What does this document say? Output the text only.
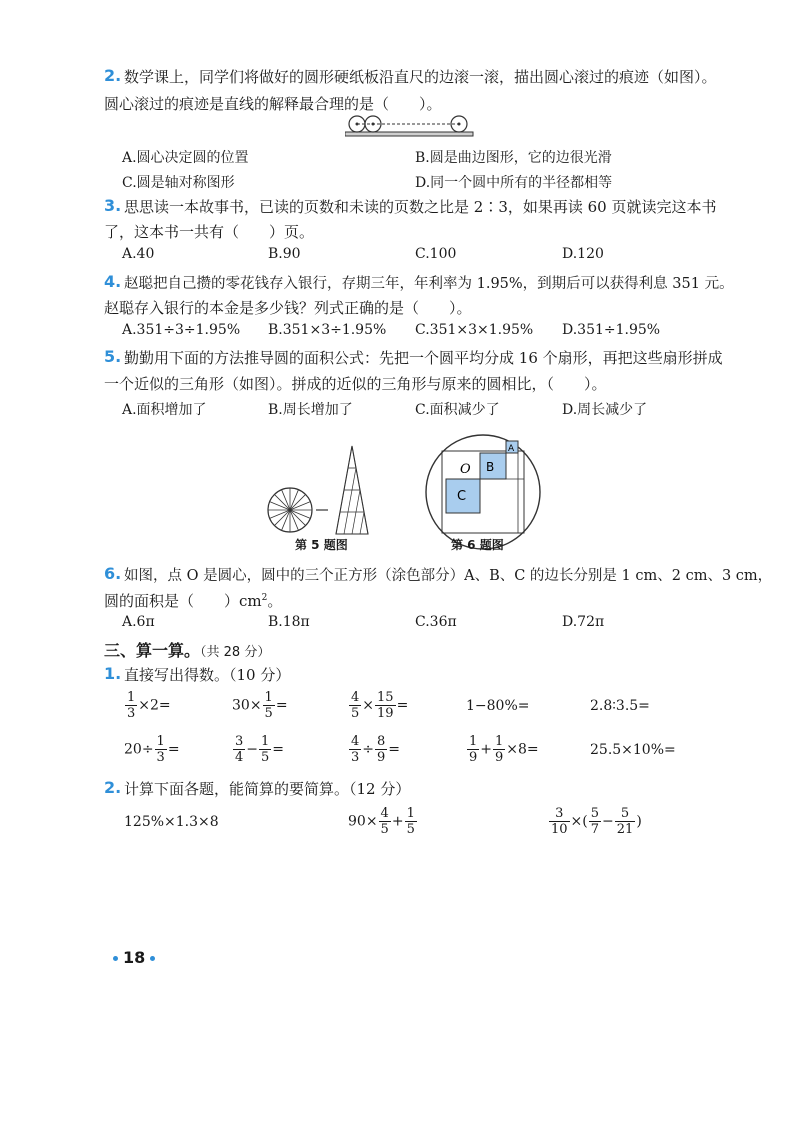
2. 数学课上，同学们将做好的圆形硬纸板沿直尺的边滚一滚，描出圆心滚过的痕迹（如图）。
圆心滚过的痕迹是直线的解释最合理的是（　　）。
A.圆心决定圆的位置	B.圆是曲边图形，它的边很光滑
C.圆是轴对称图形	D.同一个圆中所有的半径都相等
3. 思思读一本故事书，已读的页数和未读的页数之比是 2∶3，如果再读 60 页就读完这本书
了，这本书一共有（　　）页。
A.40	B.90	C.100	D.120
4. 赵聪把自己攒的零花钱存入银行，存期三年，年利率为 1.95%，到期后可以获得利息 351 元。
赵聪存入银行的本金是多少钱？列式正确的是（　　）。
A.351÷3÷1.95% B.351×3÷1.95% C.351×3×1.95% D.351÷1.95%
5. 勤勤用下面的方法推导圆的面积公式：先把一个圆平均分成 16 个扇形，再把这些扇形拼成
一个近似的三角形（如图）。拼成的近似的三角形与原来的圆相比，（　　）。
A.面积增加了	B.周长增加了	C.面积减少了	D.周长减少了
第 5 题图
O B
A
C
第 6 题图
6. 如图，点 O 是圆心，圆中的三个正方形（涂色部分）A、B、C 的边长分别是 1 cm、2 cm、3 cm，
圆的面积是（　　）$cm^2$。
A.6π	B.18π	C.36π	D.72π
三、算一算。（共 28 分）
1. 直接写出得数。（10 分）
$\frac{1}{3} \times 2=$	$30\times \frac{1}{5}$ =	$\frac{4}{5} \times \frac{15}{19}$ =	1−80%=	2.8∶3.5=
$20\div \frac{1}{3}$ =	$\frac{3}{4} - \frac{1}{5}$ =	$\frac{4}{3} \div \frac{8}{9}$ =	$\frac{1}{9} + \frac{1}{9} \times 8=$	25.5×10%=
2. 计算下面各题，能简算的要简算。（12 分）
125%×1.3×8	$90\times \frac{4}{5} + \frac{1}{5}$	$\frac{3}{10}$ ×( $\frac{5}{7} - \frac{5}{21}$ )
18
